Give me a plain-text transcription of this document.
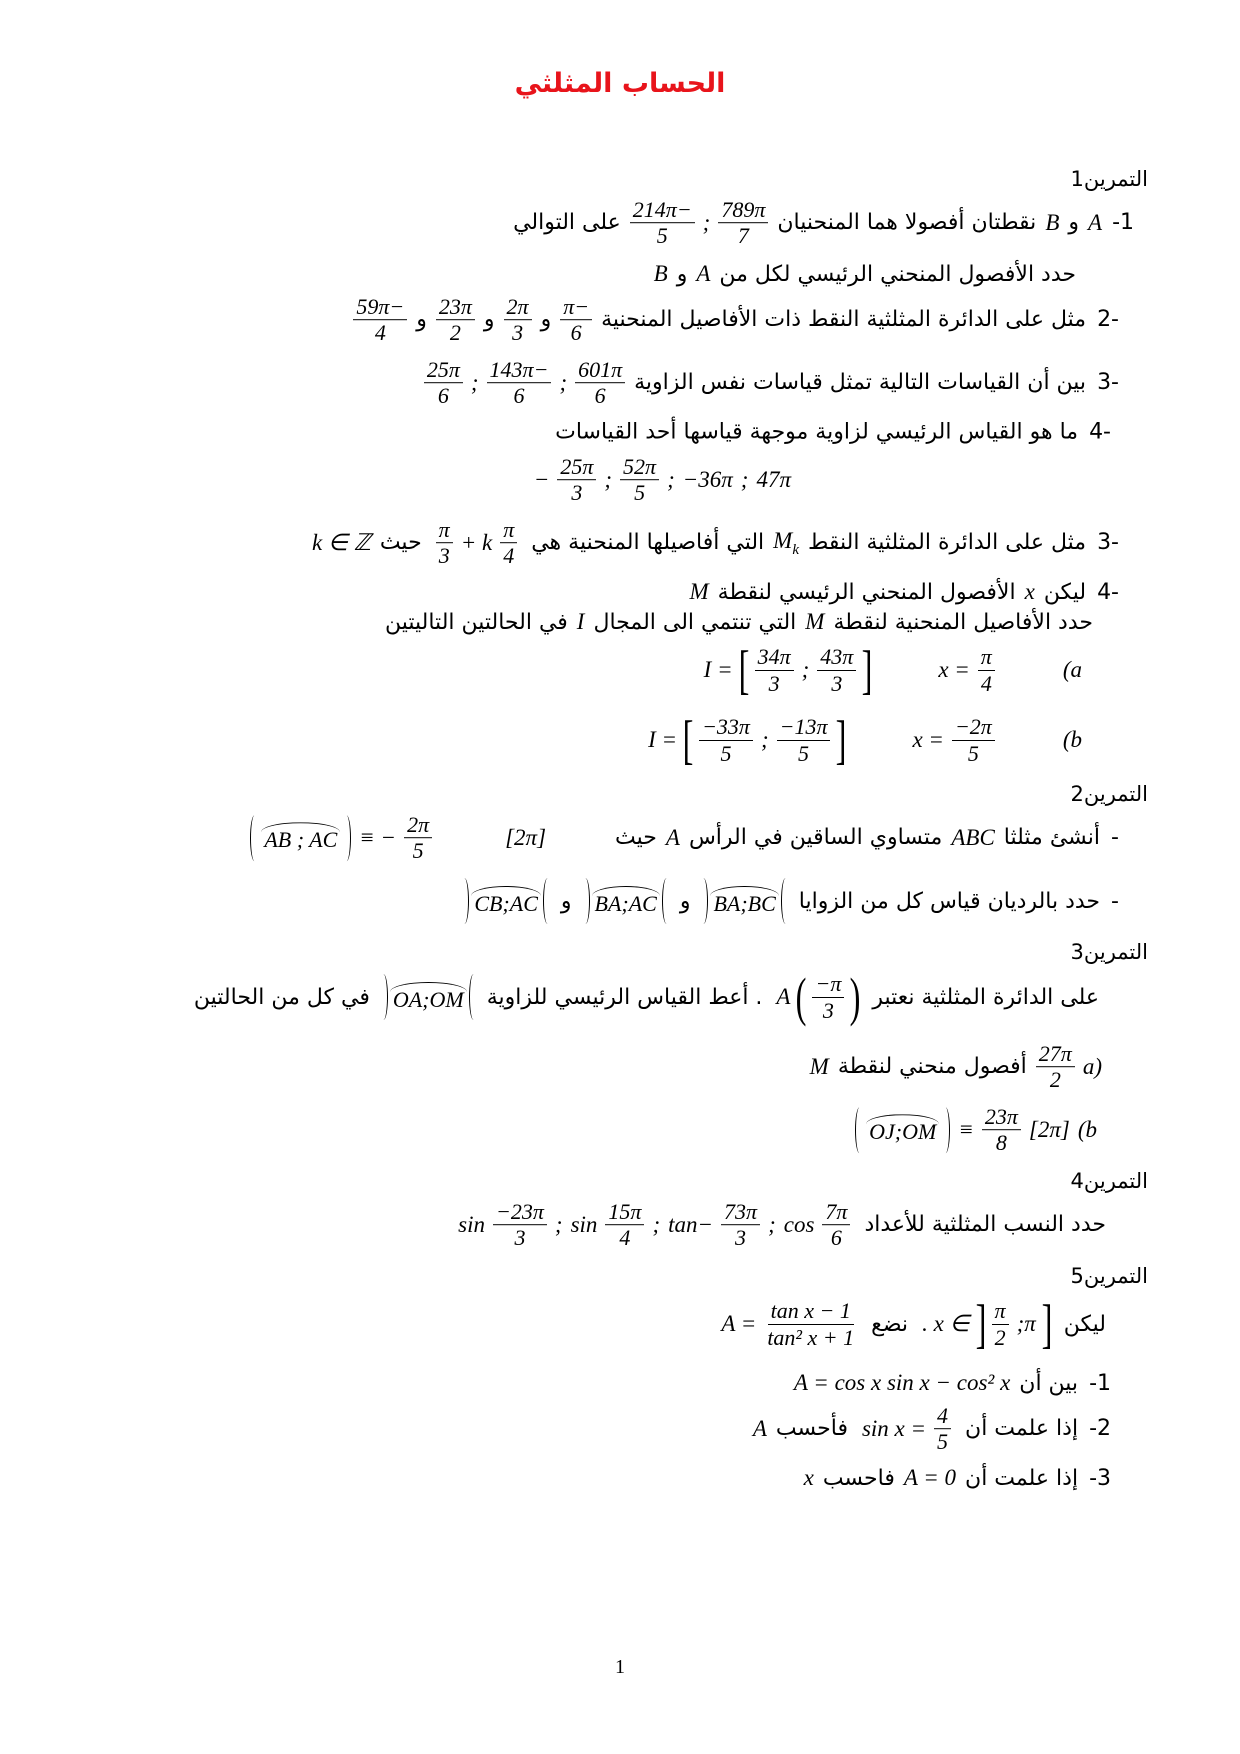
الحساب المثلثي
التمرين1
-1
A
و
B
نقطتان أفصولا هما المنحنيان
$\frac{789\pi}{7}$
;
$\frac{-214\pi}{5}$
على التوالي
حدد الأفصول المنحني الرئيسي لكل من
A
و
B
2-
مثل على الدائرة المثلثية النقط ذات الأفاصيل المنحنية
$\frac{-\pi}{6}$
و
$\frac{2\pi}{3}$
و
$\frac{23\pi}{2}$
و
$\frac{-59\pi}{4}$
3-
بين أن القياسات التالية تمثل قياسات نفس الزاوية
$\frac{601\pi}{6}$
;
$\frac{-143\pi}{6}$
;
$\frac{25\pi}{6}$
4-
ما هو القياس الرئيسي لزاوية موجهة قياسها أحد القياسات
− $\frac{25\pi}{3}$ ; $\frac{52\pi}{5}$ ; −36π ; 47π
3-
مثل على الدائرة المثلثية النقط
$M_k$
التي أفاصيلها المنحنية هي
$\frac{\pi}{3} + k \frac{\pi}{4}$
حيث
k ∈ ℤ
4-
ليكن
x
الأفصول المنحني الرئيسي لنقطة
M
حدد الأفاصيل المنحنية لنقطة
M
التي تنتمي الى المجال
I
في الحالتين التاليتين
I = [ $\frac{34\pi}{3}$ ; $\frac{43\pi}{3}$ ]	$x = \frac{\pi}{4}$	(a
I = [ $\frac{-33\pi}{5}$ ; $\frac{-13\pi}{5}$ ]	$x = \frac{-2\pi}{5}$	(b
التمرين2
-
أنشئ مثلثا
ABC
متساوي الساقين في الرأس
A
حيث
[2π]
AB ; AC ≡ − $\frac{2\pi}{5}$
-
حدد بالرديان قياس كل من الزوايا
BA;BC
و
BA;AC
و
CB;AC
التمرين3
على الدائرة المثلثية نعتبر
A ( $\frac{-\pi}{3}$ )
. أعط القياس الرئيسي للزاوية
OA;OM
في كل من الحالتين
(a
$\frac{27\pi}{2}$
أفصول منحني لنقطة
M
OJ;OM ≡ $\frac{23\pi}{8} [2\pi]$ (b
التمرين4
حدد النسب المثلثية للأعداد
$\sin \frac{-23\pi}{3}$ ; $\sin \frac{15\pi}{4}$ ; $\tan- \frac{73\pi}{3}$ ; $\cos \frac{7\pi}{6}$
التمرين5
ليكن
. x ∈ ] $\frac{\pi}{2}$ ;π ]
نضع
$A = \frac{\text{tan x − 1}}{\text{tan² x + 1}}$
-1
بين أن
A = cos x sin x − cos² x
-2
إذا علمت أن
$\sin x = \frac{4}{5}$
فأحسب
A
-3
إذا علمت أن
A = 0
فاحسب
x
1
